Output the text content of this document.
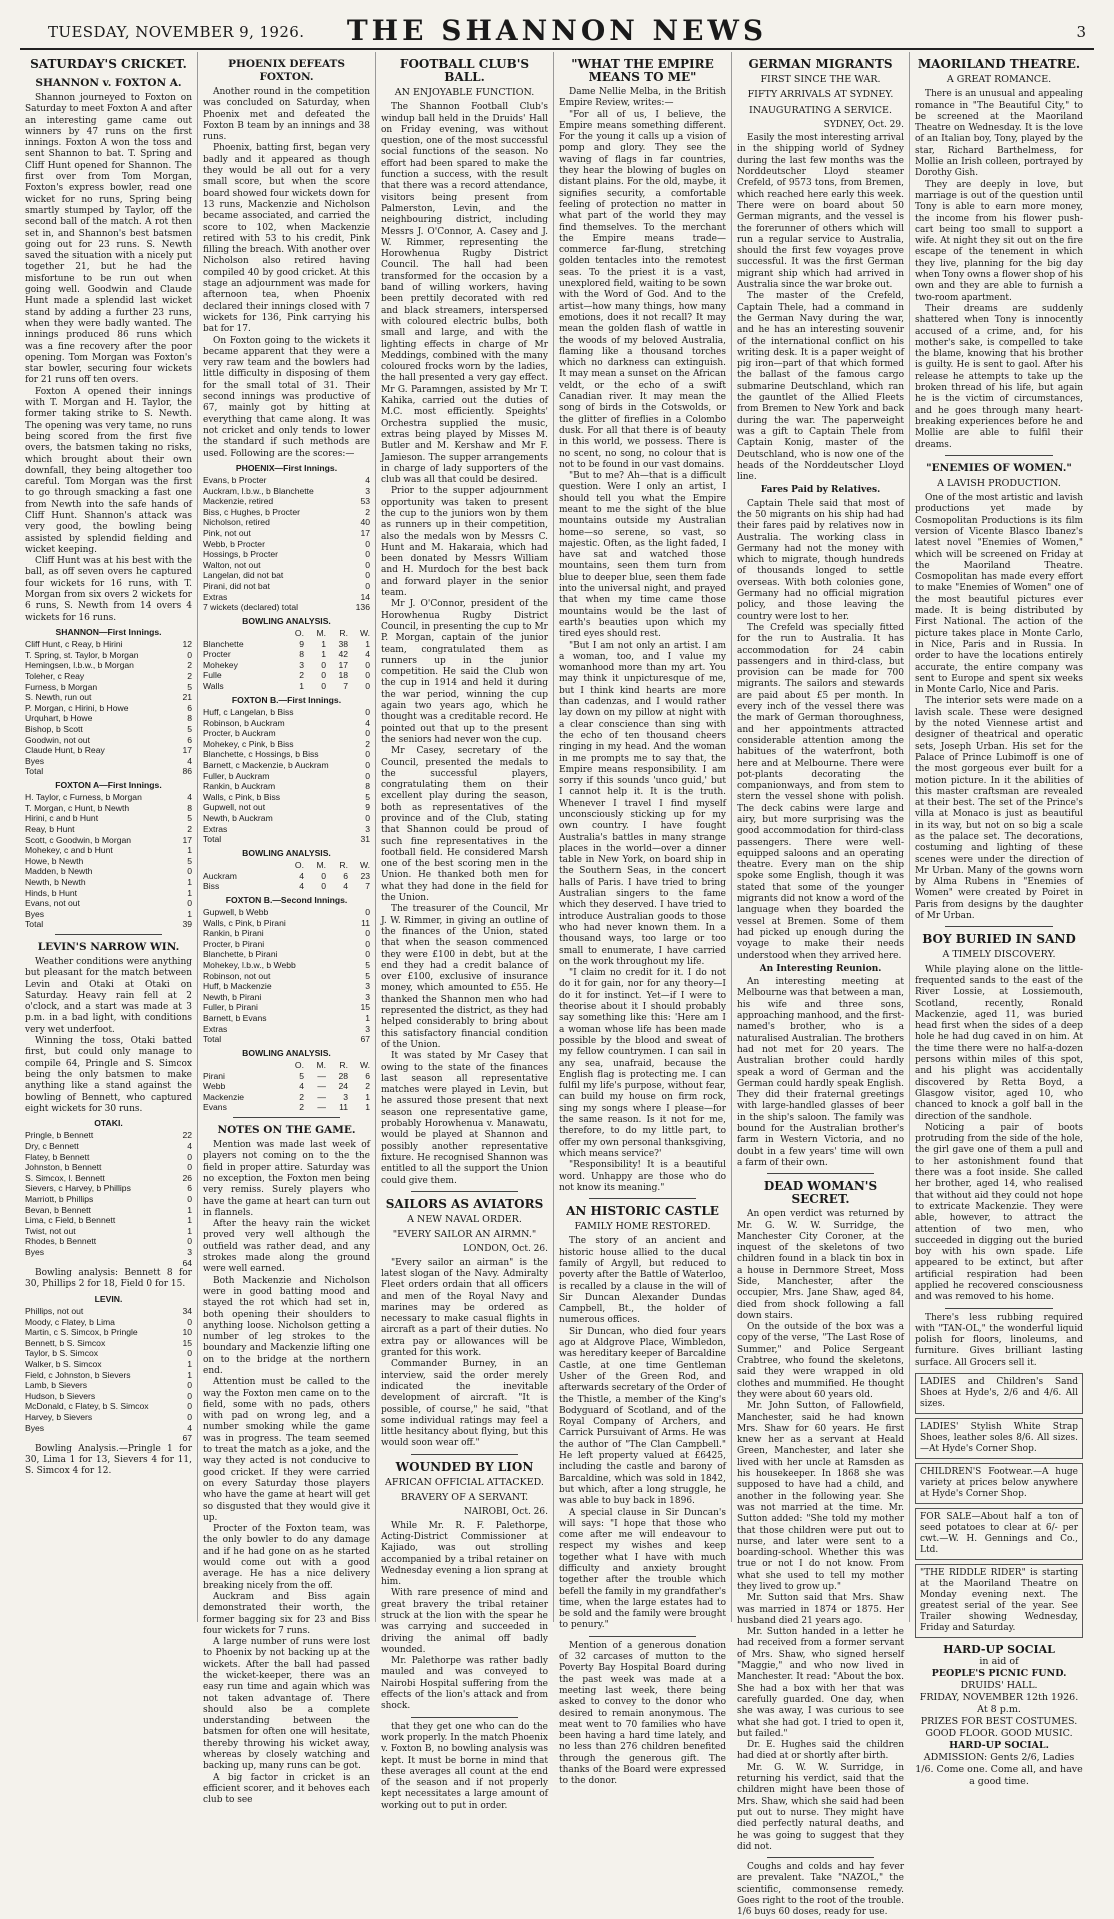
TUESDAY, NOVEMBER 9, 1926.	THE SHANNON NEWS	3
SATURDAY'S CRICKET.
SHANNON v. FOXTON A.

Shannon journeyed to Foxton on Saturday to meet Foxton A and after an interesting game came out winners by 47 runs on the first innings. Foxton A won the toss and sent Shannon to bat. T. Spring and Cliff Hunt opened for Shannon. The first over from Tom Morgan, Foxton's express bowler, read one wicket for no runs, Spring being smartly stumped by Taylor, off the second ball of the match. A rot then set in, and Shannon's best batsmen going out for 23 runs. S. Newth saved the situation with a nicely put together 21, but he had the misfortune to be run out when going well. Goodwin and Claude Hunt made a splendid last wicket stand by adding a further 23 runs, when they were badly wanted. The innings produced 86 runs which was a fine recovery after the poor opening. Tom Morgan was Foxton's star bowler, securing four wickets for 21 runs off ten overs.

Foxton A opened their innings with T. Morgan and H. Taylor, the former taking strike to S. Newth. The opening was very tame, no runs being scored from the first five overs, the batsmen taking no risks, which brought about their own downfall, they being altogether too careful. Tom Morgan was the first to go through smacking a fast one from Newth into the safe hands of Cliff Hunt. Shannon's attack was very good, the bowling being assisted by splendid fielding and wicket keeping.

Cliff Hunt was at his best with the ball, as off seven overs he captured four wickets for 16 runs, with T. Morgan from six overs 2 wickets for 6 runs, S. Newth from 14 overs 4 wickets for 16 runs.

SHANNON—First Innings.
Cliff Hunt, c Reay, b Hirini	12
T. Spring, st. Taylor, b Morgan	0
Hemingsen, l.b.w., b Morgan	2
Toleher, c Reay	2
Furness, b Morgan	5
S. Newth, run out	21
P. Morgan, c Hirini, b Howe	6
Urquhart, b Howe	8
Bishop, b Scott	5
Goodwin, not out	6
Claude Hunt, b Reay	17
Byes	4
Total	86
FOXTON A—First Innings.
H. Taylor, c Furness, b Morgan	4
T. Morgan, c Hunt, b Newth	8
Hirini, c and b Hunt	5
Reay, b Hunt	2
Scott, c Goodwin, b Morgan	17
Mohekey, c and b Hunt	1
Howe, b Newth	5
Madden, b Newth	0
Newth, b Newth	1
Hinds, b Hunt	1
Evans, not out	0
Byes	1
Total	39
LEVIN'S NARROW WIN.

Weather conditions were anything but pleasant for the match between Levin and Otaki at Otaki on Saturday. Heavy rain fell at 2 o'clock, and a start was made at 3 p.m. in a bad light, with conditions very wet underfoot.

Winning the toss, Otaki batted first, but could only manage to compile 64, Pringle and S. Simcox being the only batsmen to make anything like a stand against the bowling of Bennett, who captured eight wickets for 30 runs.

OTAKI.
Pringle, b Bennett	22
Dry, c Bennett	4
Flatey, b Bennett	0
Johnston, b Bennett	0
S. Simcox, l. Bennett	26
Sievers, c Harvey, b Phillips	6
Marriott, b Phillips	0
Bevan, b Bennett	1
Lima, c Field, b Bennett	1
Twist, not out	1
Rhodes, b Bennett	0
Byes	3
64

Bowling analysis: Bennett 8 for 30, Phillips 2 for 18, Field 0 for 15.

LEVIN.
Phillips, not out	34
Moody, c Flatey, b Lima	0
Martin, c S. Simcox, b Pringle	10
Bennett, b S. Simcox	15
Taylor, b S. Simcox	0
Walker, b S. Simcox	1
Field, c Johnston, b Sievers	1
Lamb, b Sievers	0
Hudson, b Sievers	0
McDonald, c Flatey, b S. Simcox	0
Harvey, b Sievers	0
Byes	4
67

Bowling Analysis.—Pringle 1 for 30, Lima 1 for 13, Sievers 4 for 11, S. Simcox 4 for 12.

PHOENIX DEFEATS FOXTON.

Another round in the competition was concluded on Saturday, when Phoenix met and defeated the Foxton B team by an innings and 38 runs.

Phoenix, batting first, began very badly and it appeared as though they would be all out for a very small score, but when the score board showed four wickets down for 13 runs, Mackenzie and Nicholson became associated, and carried the score to 102, when Mackenzie retired with 53 to his credit, Pink filling the breach. With another over Nicholson also retired having compiled 40 by good cricket. At this stage an adjournment was made for afternoon tea, when Phoenix declared their innings closed with 7 wickets for 136, Pink carrying his bat for 17.

On Foxton going to the wickets it became apparent that they were a very raw team and the bowlers had little difficulty in disposing of them for the small total of 31. Their second innings was productive of 67, mainly got by hitting at everything that came along. It was not cricket and only tends to lower the standard if such methods are used. Following are the scores:—

PHOENIX—First Innings.
Evans, b Procter	4
Auckram, l.b.w., b Blanchette	3
Mackenzie, retired	53
Biss, c Hughes, b Procter	2
Nicholson, retired	40
Pink, not out	17
Webb, b Procter	0
Hossings, b Procter	0
Walton, not out	0
Langelan, did not bat	0
Pirani, did not bat	0
Extras	14
7 wickets (declared) total	136
BOWLING ANALYSIS.
O.	M.	R.	W.
Blanchette	9	1	38	1
Procter	8	1	42	4
Mohekey	3	0	17	0
Fulle	2	0	18	0
Walls	1	0	7	0
FOXTON B.—First Innings.
Huff, c Langelan, b Biss	0
Robinson, b Auckram	4
Procter, b Auckram	0
Mohekey, c Pink, b Biss	2
Blanchette, c Hossings, b Biss	0
Barnett, c Mackenzie, b Auckram	0
Fuller, b Auckram	0
Rankin, b Auckram	8
Walls, c Pink, b Biss	5
Gupwell, not out	9
Newth, b Auckram	0
Extras	3
Total	31
BOWLING ANALYSIS.
O.	M.	R.	W.
Auckram	4	0	6	23
Biss	4	0	4	7
FOXTON B.—Second Innings.
Gupwell, b Webb	0
Walls, c Pink, b Pirani	11
Rankin, b Pirani	0
Procter, b Pirani	0
Blanchette, b Pirani	0
Mohekey, l.b.w., b Webb	5
Robinson, not out	5
Huff, b Mackenzie	3
Newth, b Pirani	3
Fuller, b Pirani	15
Barnett, b Evans	1
Extras	3
Total	67
BOWLING ANALYSIS.
O.	M.	R.	W.
Pirani	5	—	28	6
Webb	4	—	24	2
Mackenzie	2	—	3	1
Evans	2	—	11	1
NOTES ON THE GAME.

Mention was made last week of players not coming on to the the field in proper attire. Saturday was no exception, the Foxton men being very remiss. Surely players who have the game at heart can turn out in flannels.

After the heavy rain the wicket proved very well although the outfield was rather dead, and any strokes made along the ground were well earned.

Both Mackenzie and Nicholson were in good batting mood and stayed the rot which had set in, both opening their shoulders to anything loose. Nicholson getting a number of leg strokes to the boundary and Mackenzie lifting one on to the bridge at the northern end.

Attention must be called to the way the Foxton men came on to the field, some with no pads, others with pad on wrong leg, and a number smoking while the game was in progress. The team seemed to treat the match as a joke, and the way they acted is not conducive to good cricket. If they were carried on every Saturday those players who have the game at heart will get so disgusted that they would give it up.

Procter of the Foxton team, was the only bowler to do any damage and if he had gone on as he started would come out with a good average. He has a nice delivery breaking nicely from the off.

Auckram and Biss again demonstrated their worth, the former bagging six for 23 and Biss four wickets for 7 runs.

A large number of runs were lost to Phoenix by not backing up at the wickets. After the ball had passed the wicket-keeper, there was an easy run time and again which was not taken advantage of. There should also be a complete understanding between the batsmen for often one will hesitate, thereby throwing his wicket away, whereas by closely watching and backing up, many runs can be got.

A big factor in cricket is an efficient scorer, and it behoves each club to see

FOOTBALL CLUB'S BALL.
AN ENJOYABLE FUNCTION.

The Shannon Football Club's windup ball held in the Druids' Hall on Friday evening, was without question, one of the most successful social functions of the season. No effort had been spared to make the function a success, with the result that there was a record attendance, visitors being present from Palmerston, Levin, and the neighbouring district, including Messrs J. O'Connor, A. Casey and J. W. Rimmer, representing the Horowhenua Rugby District Council. The hall had been transformed for the occasion by a band of willing workers, having been prettily decorated with red and black streamers, interspersed with coloured electric bulbs, both small and large, and with the lighting effects in charge of Mr Meddings, combined with the many coloured frocks worn by the ladies, the hall presented a very gay effect. Mr G. Paramngen, assisted by Mr T. Kahika, carried out the duties of M.C. most efficiently. Speights' Orchestra supplied the music, extras being played by Misses M. Butler and M. Kershaw and Mr F. Jamieson. The supper arrangements in charge of lady supporters of the club was all that could be desired.

Prior to the supper adjournment opportunity was taken to present the cup to the juniors won by them as runners up in their competition, also the medals won by Messrs C. Hunt and M. Hakaraia, which had been donated by Messrs William and H. Murdoch for the best back and forward player in the senior team.

Mr J. O'Connor, president of the Horowhenua Rugby District Council, in presenting the cup to Mr P. Morgan, captain of the junior team, congratulated them as runners up in the junior competition. He said the Club won the cup in 1914 and held it during the war period, winning the cup again two years ago, which he thought was a creditable record. He pointed out that up to the present the seniors had never won the cup.

Mr Casey, secretary of the Council, presented the medals to the successful players, congratulating them on their excellent play during the season, both as representatives of the province and of the Club, stating that Shannon could be proud of such fine representatives in the football field. He considered Marsh one of the best scoring men in the Union. He thanked both men for what they had done in the field for the Union.

The treasurer of the Council, Mr J. W. Rimmer, in giving an outline of the finances of the Union, stated that when the season commenced they were £100 in debt, but at the end they had a credit balance of over £100, exclusive of insurance money, which amounted to £55. He thanked the Shannon men who had represented the district, as they had helped considerably to bring about this satisfactory financial condition of the Union.

It was stated by Mr Casey that owing to the state of the finances last season all representative matches were played in Levin, but he assured those present that next season one representative game, probably Horowhenua v. Manawatu, would be played at Shannon and possibly another representative fixture. He recognised Shannon was entitled to all the support the Union could give them.

SAILORS AS AVIATORS
A NEW NAVAL ORDER.
"EVERY SAILOR AN AIRMN."
LONDON, Oct. 26.

"Every sailor an airman" is the latest slogan of the Navy. Admiralty Fleet orders ordain that all officers and men of the Royal Navy and marines may be ordered as necessary to make casual flights in aircraft as a part of their duties. No extra pay or allowances will be granted for this work.

Commander Burney, in an interview, said the order merely indicated the inevitable development of aircraft. "It is possible, of course," he said, "that some individual ratings may feel a little hesitancy about flying, but this would soon wear off."

WOUNDED BY LION
AFRICAN OFFICIAL ATTACKED.
BRAVERY OF A SERVANT.
NAIROBI, Oct. 26.

While Mr. R. F. Palethorpe, Acting-District Commissioner at Kajiado, was out strolling accompanied by a tribal retainer on Wednesday evening a lion sprang at him.

With rare presence of mind and great bravery the tribal retainer struck at the lion with the spear he was carrying and succeeded in driving the animal off badly wounded.

Mr. Palethorpe was rather badly mauled and was conveyed to Nairobi Hospital suffering from the effects of the lion's attack and from shock.

that they get one who can do the work properly. In the match Phoenix v. Foxton B, no bowling analysis was kept. It must be borne in mind that these averages all count at the end of the season and if not properly kept necessitates a large amount of working out to put in order.

"WHAT THE EMPIRE MEANS TO ME"

Dame Nellie Melba, in the British Empire Review, writes:—

"For all of us, I believe, the Empire means something different. For the young it calls up a vision of pomp and glory. They see the waving of flags in far countries, they hear the blowing of bugles on distant plains. For the old, maybe, it signifies security, a comfortable feeling of protection no matter in what part of the world they may find themselves. To the merchant the Empire means trade—commerce far-flung, stretching golden tentacles into the remotest seas. To the priest it is a vast, unexplored field, waiting to be sown with the Word of God. And to the artist—how many things, how many emotions, does it not recall? It may mean the golden flash of wattle in the woods of my beloved Australia, flaming like a thousand torches which no darkness can extinguish. It may mean a sunset on the African veldt, or the echo of a swift Canadian river. It may mean the song of birds in the Cotswolds, or the glitter of fireflies in a Colombo dusk. For all that there is of beauty in this world, we possess. There is no scent, no song, no colour that is not to be found in our vast domains.

"But to me? Ah—that is a difficult question. Were I only an artist, I should tell you what the Empire meant to me the sight of the blue mountains outside my Australian home—so serene, so vast, so majestic. Often, as the light faded, I have sat and watched those mountains, seen them turn from blue to deeper blue, seen them fade into the universal night, and prayed that when my time came those mountains would be the last of earth's beauties upon which my tired eyes should rest.

"But I am not only an artist. I am a woman, too, and I value my womanhood more than my art. You may think it unpicturesque of me, but I think kind hearts are more than cadenzas, and I would rather lay down on my pillow at night with a clear conscience than sing with the echo of ten thousand cheers ringing in my head. And the woman in me prompts me to say that, the Empire means responsibility. I am sorry if this sounds 'unco guid,' but I cannot help it. It is the truth. Whenever I travel I find myself unconsciously sticking up for my own country. I have fought Australia's battles in many strange places in the world—over a dinner table in New York, on board ship in the Southern Seas, in the concert halls of Paris. I have tried to bring Australian singers to the fame which they deserved. I have tried to introduce Australian goods to those who had never known them. In a thousand ways, too large or too small to enumerate, I have carried on the work throughout my life.

"I claim no credit for it. I do not do it for gain, nor for any theory—I do it for instinct. Yet—if I were to theorise about it I should probably say something like this: 'Here am I a woman whose life has been made possible by the blood and sweat of my fellow countrymen. I can sail in any sea, unafraid, because the English flag is protecting me. I can fulfil my life's purpose, without fear, can build my house on firm rock, sing my songs where I please—for the same reason. Is it not for me, therefore, to do my little part, to offer my own personal thanksgiving, which means service?'

"Responsibility! It is a beautiful word. Unhappy are those who do not know its meaning."

AN HISTORIC CASTLE
FAMILY HOME RESTORED.

The story of an ancient and historic house allied to the ducal family of Argyll, but reduced to poverty after the Battle of Waterloo, is recalled by a clause in the will of Sir Duncan Alexander Dundas Campbell, Bt., the holder of numerous offices.

Sir Duncan, who died four years ago at Aldgrove Place, Wimbledon, was hereditary keeper of Barcaldine Castle, at one time Gentleman Usher of the Green Rod, and afterwards secretary of the Order of the Thistle, a member of the King's Bodyguard of Scotland, and of the Royal Company of Archers, and Carrick Pursuivant of Arms. He was the author of "The Clan Campbell." He left property valued at £6425, including the castle and barony of Barcaldine, which was sold in 1842, but which, after a long struggle, he was able to buy back in 1896.

A special clause in Sir Duncan's will says: "I hope that those who come after me will endeavour to respect my wishes and keep together what I have with much difficulty and anxiety brought together after the trouble which befell the family in my grandfather's time, when the large estates had to be sold and the family were brought to penury."

Mention of a generous donation of 32 carcases of mutton to the Poverty Bay Hospital Board during the past week was made at a meeting last week, there being asked to convey to the donor who desired to remain anonymous. The meat went to 70 families who have been having a hard time lately, and no less than 276 children benefited through the generous gift. The thanks of the Board were expressed to the donor.

GERMAN MIGRANTS
FIRST SINCE THE WAR.
FIFTY ARRIVALS AT SYDNEY.
INAUGURATING A SERVICE.
SYDNEY, Oct. 29.

Easily the most interesting arrival in the shipping world of Sydney during the last few months was the Norddeutscher Lloyd steamer Crefeld, of 9573 tons, from Bremen, which reached here early this week. There were on board about 50 German migrants, and the vessel is the forerunner of others which will run a regular service to Australia, should the first few voyages prove successful. It was the first German migrant ship which had arrived in Australia since the war broke out.

The master of the Crefeld, Captain Thele, had a command in the German Navy during the war, and he has an interesting souvenir of the international conflict on his writing desk. It is a paper weight of pig iron—part of that which formed the ballast of the famous cargo submarine Deutschland, which ran the gauntlet of the Allied Fleets from Bremen to New York and back during the war. The paperweight was a gift to Captain Thele from Captain Konig, master of the Deutschland, who is now one of the heads of the Norddeutscher Lloyd line.

Fares Paid by Relatives.

Captain Thele said that most of the 50 migrants on his ship had had their fares paid by relatives now in Australia. The working class in Germany had not the money with which to migrate, though hundreds of thousands longed to settle overseas. With both colonies gone, Germany had no official migration policy, and those leaving the country were lost to her.

The Crefeld was specially fitted for the run to Australia. It has accommodation for 24 cabin passengers and in third-class, but provision can be made for 700 migrants. The sailors and stewards are paid about £5 per month. In every inch of the vessel there was the mark of German thoroughness, and her appointments attracted considerable attention among the habitues of the waterfront, both here and at Melbourne. There were pot-plants decorating the companionways, and from stem to stern the vessel shone with polish. The deck cabins were large and airy, but more surprising was the good accommodation for third-class passengers. There were well-equipped saloons and an operating theatre. Every man on the ship spoke some English, though it was stated that some of the younger migrants did not know a word of the language when they boarded the vessel at Bremen. Some of them had picked up enough during the voyage to make their needs understood when they arrived here.

An Interesting Reunion.

An interesting meeting at Melbourne was that between a man, his wife and three sons, approaching manhood, and the first-named's brother, who is a naturalised Australian. The brothers had not met for 20 years. The Australian brother could hardly speak a word of German and the German could hardly speak English. They did their fraternal greetings with large-handled glasses of beer in the ship's saloon. The family was bound for the Australian brother's farm in Western Victoria, and no doubt in a few years' time will own a farm of their own.

DEAD WOMAN'S SECRET.

An open verdict was returned by Mr. G. W. W. Surridge, the Manchester City Coroner, at the inquest of the skeletons of two children found in a black tin box in a house in Dernmore Street, Moss Side, Manchester, after the occupier, Mrs. Jane Shaw, aged 84, died from shock following a fall down stairs.

On the outside of the box was a copy of the verse, "The Last Rose of Summer," and Police Sergeant Crabtree, who found the skeletons, said they were wrapped in old clothes and mummified. He thought they were about 60 years old.

Mr. John Sutton, of Fallowfield, Manchester, said he had known Mrs. Shaw for 60 years. He first knew her as a servant at Heald Green, Manchester, and later she lived with her uncle at Ramsden as his housekeeper. In 1868 she was supposed to have had a child, and another in the following year. She was not married at the time. Mr. Sutton added: "She told my mother that those children were put out to nurse, and later were sent to a boarding-school. Whether this was true or not I do not know. From what she used to tell my mother they lived to grow up."

Mr. Sutton said that Mrs. Shaw was married in 1874 or 1875. Her husband died 21 years ago.

Mr. Sutton handed in a letter he had received from a former servant of Mrs. Shaw, who signed herself "Maggie," and who now lived in Manchester. It read: "About the box. She had a box with her that was carefully guarded. One day, when she was away, I was curious to see what she had got. I tried to open it, but failed."

Dr. E. Hughes said the children had died at or shortly after birth.

Mr. G. W. W. Surridge, in returning his verdict, said that the children might have been those of Mrs. Shaw, which she said had been put out to nurse. They might have died perfectly natural deaths, and he was going to suggest that they did not.

Coughs and colds and hay fever are prevalent. Take "NAZOL," the scientific, commonsense remedy. Goes right to the root of the trouble. 1/6 buys 60 doses, ready for use.

MAORILAND THEATRE.
A GREAT ROMANCE.

There is an unusual and appealing romance in "The Beautiful City," to be screened at the Maoriland Theatre on Wednesday. It is the love of an Italian boy, Tony, played by the star, Richard Barthelmess, for Mollie an Irish colleen, portrayed by Dorothy Gish.

They are deeply in love, but marriage is out of the question until Tony is able to earn more money, the income from his flower push-cart being too small to support a wife. At night they sit out on the fire escape of the tenement in which they live, planning for the big day when Tony owns a flower shop of his own and they are able to furnish a two-room apartment.

Their dreams are suddenly shattered when Tony is innocently accused of a crime, and, for his mother's sake, is compelled to take the blame, knowing that his brother is guilty. He is sent to gaol. After his release he attempts to take up the broken thread of his life, but again he is the victim of circumstances, and he goes through many heart-breaking experiences before he and Mollie are able to fulfil their dreams.

"ENEMIES OF WOMEN."
A LAVISH PRODUCTION.

One of the most artistic and lavish productions yet made by Cosmopolitan Productions is its film version of Vicente Blasco Ibanez's latest novel "Enemies of Women," which will be screened on Friday at the Maoriland Theatre. Cosmopolitan has made every effort to make "Enemies of Women" one of the most beautiful pictures ever made. It is being distributed by First National. The action of the picture takes place in Monte Carlo, in Nice, Paris and in Russia. In order to have the locations entirely accurate, the entire company was sent to Europe and spent six weeks in Monte Carlo, Nice and Paris.

The interior sets were made on a lavish scale. These were designed by the noted Viennese artist and designer of theatrical and operatic sets, Joseph Urban. His set for the Palace of Prince Lubimoff is one of the most gorgeous ever built for a motion picture. In it the abilities of this master craftsman are revealed at their best. The set of the Prince's villa at Monaco is just as beautiful in its way, but not on so big a scale as the palace set. The decorations, costuming and lighting of these scenes were under the direction of Mr Urban. Many of the gowns worn by Alma Rubens in "Enemies of Women" were created by Poiret in Paris from designs by the daughter of Mr Urban.

BOY BURIED IN SAND
A TIMELY DISCOVERY.

While playing alone on the little-frequented sands to the east of the River Lossie, at Lossiemouth, Scotland, recently, Ronald Mackenzie, aged 11, was buried head first when the sides of a deep hole he had dug caved in on him. At the time there were no half-a-dozen persons within miles of this spot, and his plight was accidentally discovered by Retta Boyd, a Glasgow visitor, aged 10, who chanced to knock a golf ball in the direction of the sandhole.

Noticing a pair of boots protruding from the side of the hole, the girl gave one of them a pull and to her astonishment found that there was a foot inside. She called her brother, aged 14, who realised that without aid they could not hope to extricate Mackenzie. They were able, however, to attract the attention of two men, who succeeded in digging out the buried boy with his own spade. Life appeared to be extinct, but after artificial respiration had been applied he recovered consciousness and was removed to his home.

There's less rubbing required with "TAN-OL," the wonderful liquid polish for floors, linoleums, and furniture. Gives brilliant lasting surface. All Grocers sell it.

LADIES and Children's Sand Shoes at Hyde's, 2/6 and 4/6. All sizes.
LADIES' Stylish White Strap Shoes, leather soles 8/6. All sizes.—At Hyde's Corner Shop.
CHILDREN'S Footwear.—A huge variety at prices below anywhere at Hyde's Corner Shop.
FOR SALE—About half a ton of seed potatoes to clear at 6/- per cwt.—W. H. Gennings and Co., Ltd.
"THE RIDDLE RIDER" is starting at the Maoriland Theatre on Monday evening next. The greatest serial of the year. See Trailer showing Wednesday, Friday and Saturday.
HARD-UP SOCIAL
in aid of
PEOPLE'S PICNIC FUND.
DRUIDS' HALL.
FRIDAY, NOVEMBER 12th 1926.
At 8 p.m.
PRIZES FOR BEST COSTUMES.
GOOD FLOOR. GOOD MUSIC.
HARD-UP SOCIAL.
ADMISSION: Gents 2/6, Ladies 1/6. Come one. Come all, and have a good time.
